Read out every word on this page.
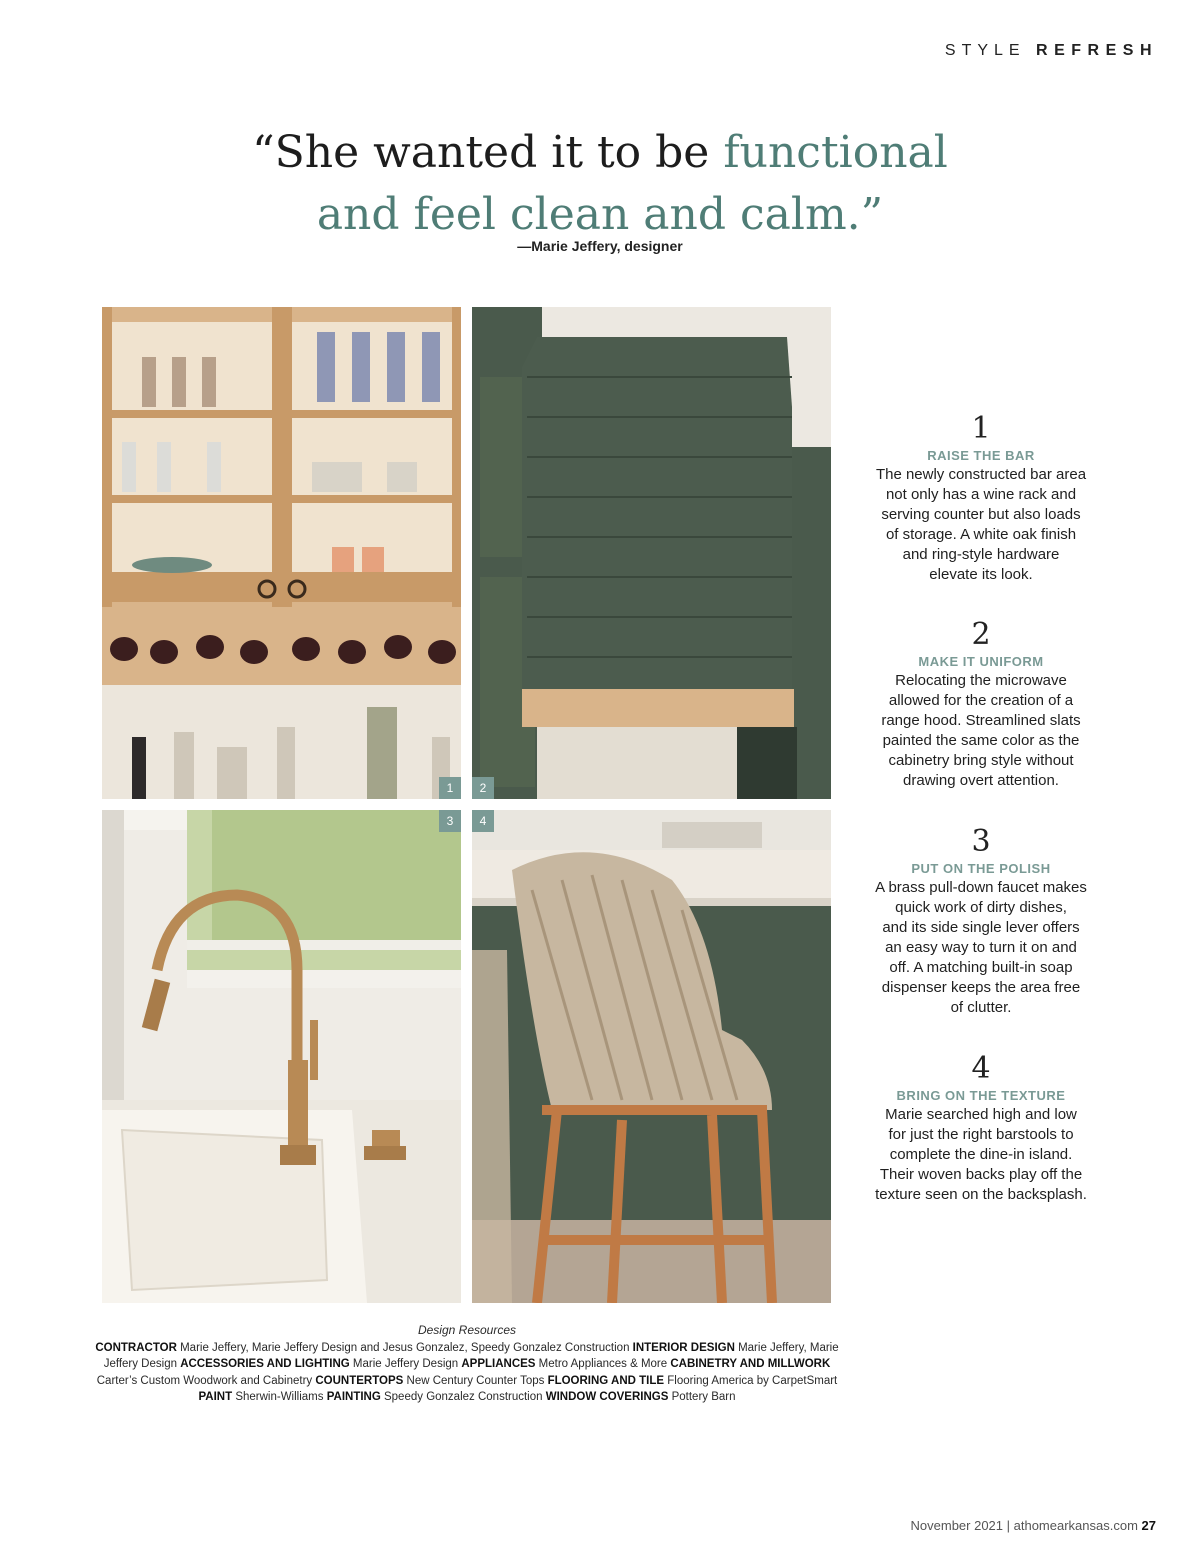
STYLE REFRESH
“She wanted it to be functional
and feel clean and calm.”
—Marie Jeffery, designer
1	2
3	4
1
RAISE THE BAR
The newly constructed bar area
not only has a wine rack and
serving counter but also loads
of storage. A white oak finish
and ring-style hardware
elevate its look.
2
MAKE IT UNIFORM
Relocating the microwave
allowed for the creation of a
range hood. Streamlined slats
painted the same color as the
cabinetry bring style without
drawing overt attention.
3
PUT ON THE POLISH
A brass pull-down faucet makes
quick work of dirty dishes,
and its side single lever offers
an easy way to turn it on and
off. A matching built-in soap
dispenser keeps the area free
of clutter.
4
BRING ON THE TEXTURE
Marie searched high and low
for just the right barstools to
complete the dine-in island.
Their woven backs play off the
texture seen on the backsplash.
Design Resources
CONTRACTOR Marie Jeffery, Marie Jeffery Design and Jesus Gonzalez, Speedy Gonzalez Construction INTERIOR DESIGN Marie Jeffery, Marie Jeffery Design ACCESSORIES AND LIGHTING Marie Jeffery Design APPLIANCES Metro Appliances & More CABINETRY AND MILLWORK Carter’s Custom Woodwork and Cabinetry COUNTERTOPS New Century Counter Tops FLOORING AND TILE Flooring America by CarpetSmart PAINT Sherwin-Williams PAINTING Speedy Gonzalez Construction WINDOW COVERINGS Pottery Barn
November 2021 | athomearkansas.com 27
